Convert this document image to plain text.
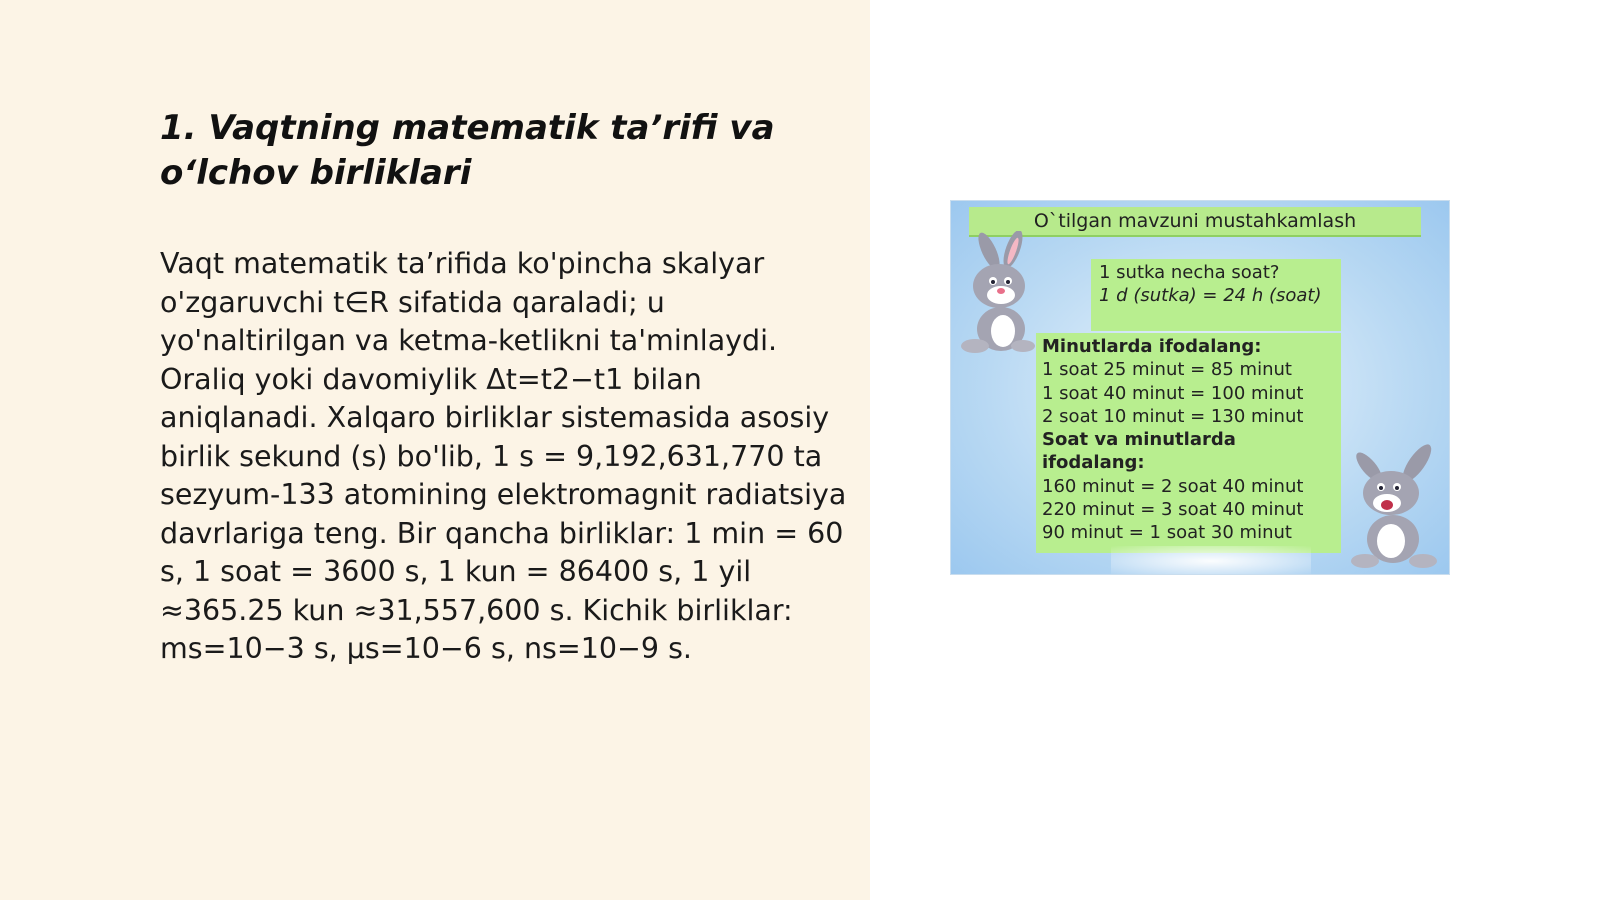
1. Vaqtning matematik ta’rifi va
o‘lchov birliklari

Vaqt matematik ta’rifida ko'pincha skalyar o'zgaruvchi t∈R sifatida qaraladi; u yo'naltirilgan va ketma-ketlikni ta'minlaydi. Oraliq yoki davomiylik Δt=t2−t1 bilan aniqlanadi. Xalqaro birliklar sistemasida asosiy birlik sekund (s) bo'lib, 1 s = 9,192,631,770 ta sezyum-133 atomining elektromagnit radiatsiya davrlariga teng. Bir qancha birliklar: 1 min = 60 s, 1 soat = 3600 s, 1 kun = 86400 s, 1 yil ≈365.25 kun ≈31,557,600 s. Kichik birliklar: ms=10−3 s, μs=10−6 s, ns=10−9 s.

O`tilgan mavzuni mustahkamlash
1 sutka necha soat?
1 d (sutka) = 24 h (soat)
Minutlarda ifodalang:
1 soat 25 minut = 85 minut
1 soat 40 minut = 100 minut
2 soat 10 minut = 130 minut
Soat va minutlarda ifodalang:
160 minut = 2 soat 40 minut
220 minut = 3 soat 40 minut
90 minut = 1 soat 30 minut
